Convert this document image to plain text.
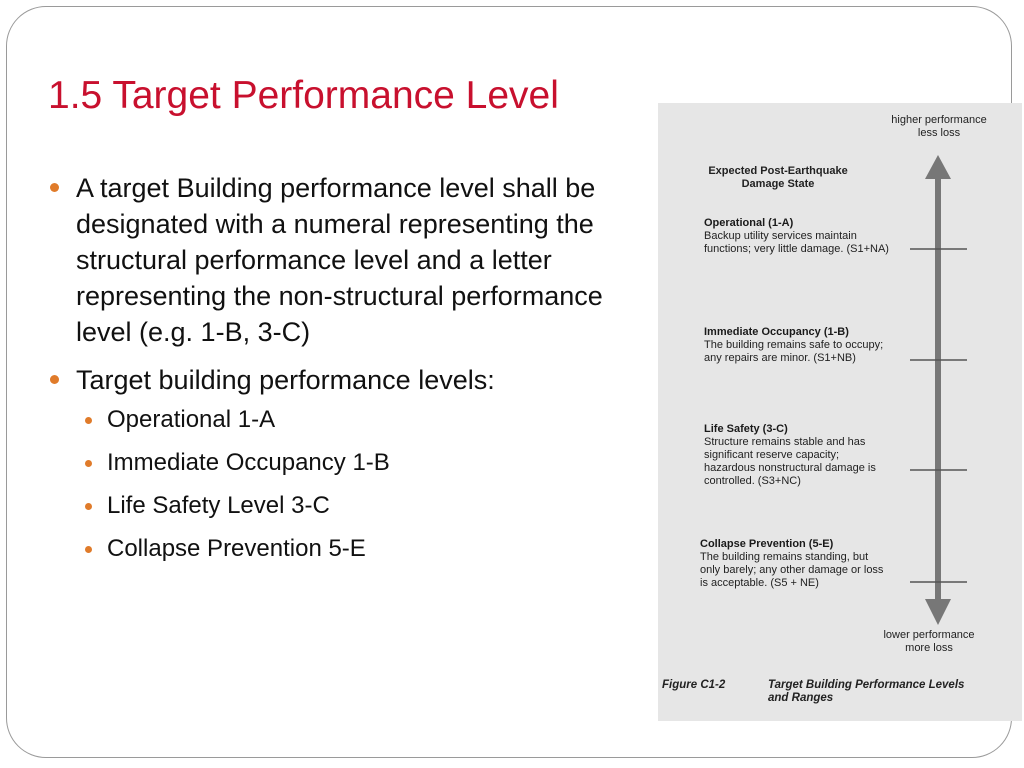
1.5 Target Performance Level
A target Building performance level shall be designated with a numeral representing the structural performance level and a letter representing the non-structural performance level (e.g. 1-B, 3-C)
Target building performance levels:
Operational 1-A
Immediate Occupancy 1-B
Life Safety Level 3-C
Collapse Prevention 5-E

higher performance
less loss

Expected Post-Earthquake
Damage State

Operational (1-A)
Backup utility services maintain functions; very little damage. (S1+NA)
Immediate Occupancy (1-B)
The building remains safe to occupy; any repairs are minor. (S1+NB)
Life Safety (3-C)
Structure remains stable and has significant reserve capacity; hazardous nonstructural damage is controlled. (S3+NC)
Collapse Prevention (5-E)
The building remains standing, but only barely; any other damage or loss is acceptable. (S5 + NE)

lower performance
more loss

Figure C1-2	Target Building Performance Levels
and Ranges
